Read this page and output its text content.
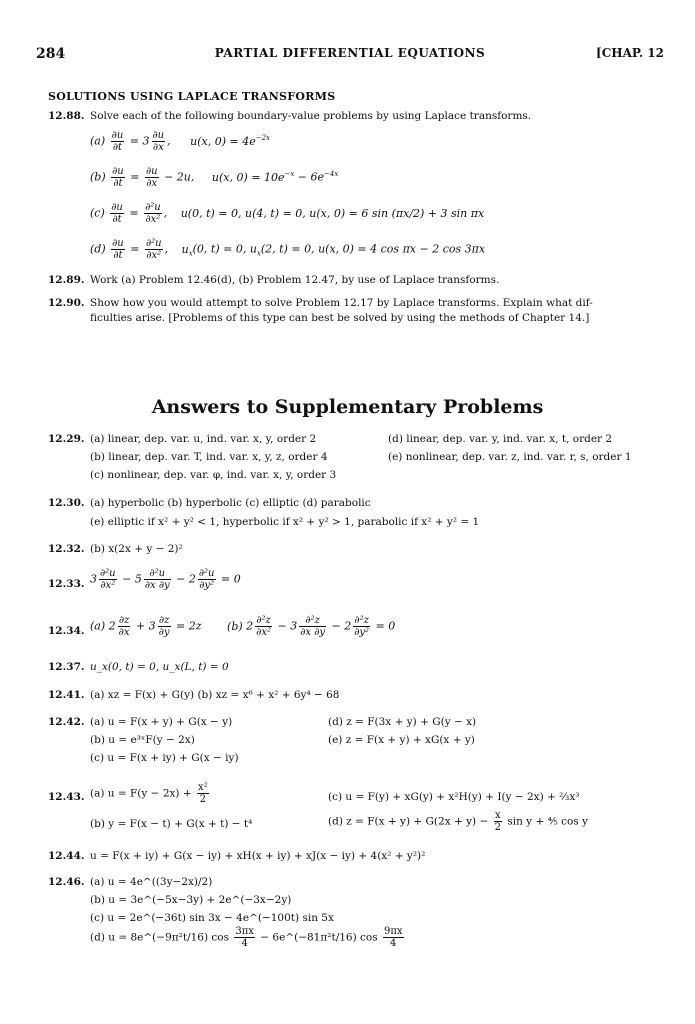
284	PARTIAL DIFFERENTIAL EQUATIONS	[CHAP. 12
SOLUTIONS USING LAPLACE TRANSFORMS
12.88. Solve each of the following boundary-value problems by using Laplace transforms.
$(a) \frac{\partial u}{\partial t} = 3 \frac{\partial u}{\partial x}$ , u(x, $0) = 4e^{-2x}$
$(b) \frac{\partial u}{\partial t} = \frac{\partial u}{\partial x} - 2u$, u(x, $0) = 10e^{-x} - 6e^{-4x}$
$(c) \frac{\partial u}{\partial t} = \frac{\text{∂²u}}{\text{∂x²}}$ , u(0, t) = 0, u(4, t) = 0, u(x, 0) = 6 sin (πx/2) + 3 sin πx
$(d) \frac{\partial u}{\partial t} = \frac{\text{∂²u}}{\text{∂x²}}$ , $u_x(0$, t) = 0, $u_x(2$, t) = 0, u(x, 0) = 4 cos πx − 2 cos 3πx
12.89. Work (a) Problem 12.46(d), (b) Problem 12.47, by use of Laplace transforms.
12.90. Show how you would attempt to solve Problem 12.17 by Laplace transforms. Explain what dif-
ficulties arise. [Problems of this type can best be solved by using the methods of Chapter 14.]
Answers to Supplementary Problems
12.29. (a) linear, dep. var. u, ind. var. x, y, order 2
(b) linear, dep. var. T, ind. var. x, y, z, order 4
(c) nonlinear, dep. var. φ, ind. var. x, y, order 3
(d) linear, dep. var. y, ind. var. x, t, order 2
(e) nonlinear, dep. var. z, ind. var. r, s, order 1
12.30. (a) hyperbolic (b) hyperbolic (c) elliptic (d) parabolic
(e) elliptic if x² + y² < 1, hyperbolic if x² + y² > 1, parabolic if x² + y² = 1
12.32. (b) x(2x + y − 2)²
12.33. $3 \frac{\text{∂²u}}{\text{∂x²}} - 5 \frac{\text{∂²u}}{\partial x \partial y} - 2 \frac{\text{∂²u}}{\text{∂y²}} = 0$
12.34. (a) $2 \frac{\partial z}{\partial x} + 3 \frac{\partial z}{\partial y} = 2z$ (b) $2 \frac{\text{∂²z}}{\text{∂x²}} - 3 \frac{\text{∂²z}}{\partial x \partial y} - 2 \frac{\text{∂²z}}{\text{∂y²}} = 0$
12.37. u_x(0, t) = 0, u_x(L, t) = 0
12.41. (a) xz = F(x) + G(y) (b) xz = x⁶ + x² + 6y⁴ − 68
12.42. (a) u = F(x + y) + G(x − y)
(b) u = e³ˣF(y − 2x)
(c) u = F(x + iy) + G(x − iy)
(d) z = F(3x + y) + G(y − x)
(e) z = F(x + y) + xG(x + y)
12.43. (a) $u = F(y - 2x) + \frac{\text{x²}}{2}$
(b) y = F(x − t) + G(x + t) − t⁴
(c) u = F(y) + xG(y) + x²H(y) + I(y − 2x) + ⅔x³
(d) $z = F(x + y) + G(2x + y) - \frac{x}{2}$ sin y + ⅘ cos y
12.44. u = F(x + iy) + G(x − iy) + xH(x + iy) + xJ(x − iy) + 4(x² + y²)²
12.46. (a) u = 4e^((3y−2x)/2)
(b) u = 3e^(−5x−3y) + 2e^(−3x−2y)
(c) u = 2e^(−36t) sin 3x − 4e^(−100t) sin 5x
(d) u = 8e^(−9π²t/16) $\cos \frac{3\pi x}{4}$ − 6e^(−81π²t/16) $\cos \frac{9\pi x}{4}$
